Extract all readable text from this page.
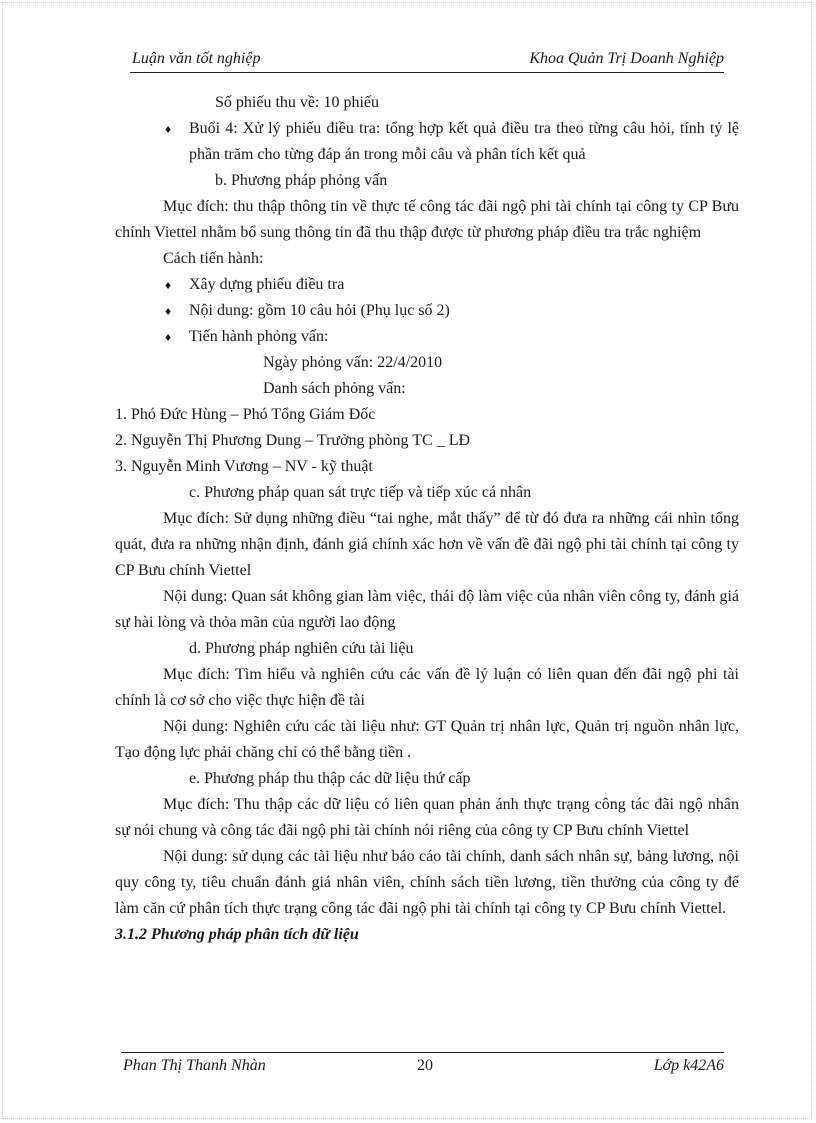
Luận văn tốt nghiệp	Khoa Quản Trị Doanh Nghiệp

Số phiếu thu về: 10 phiếu

♦ Buổi 4: Xử lý phiếu điều tra: tổng hợp kết quả điều tra theo từng câu hỏi, tính tỷ lệ phần trăm cho từng đáp án trong mỗi câu và phân tích kết quả

b. Phương pháp phỏng vấn

Mục đích: thu thập thông tin về thực tế công tác đãi ngộ phi tài chính tại công ty CP Bưu chính Viettel nhằm bổ sung thông tin đã thu thập được từ phương pháp điều tra trắc nghiệm

Cách tiến hành:

♦ Xây dựng phiếu điều tra

♦ Nội dung: gồm 10 câu hỏi (Phụ lục số 2)

♦ Tiến hành phỏng vấn:

Ngày phỏng vấn: 22/4/2010

Danh sách phỏng vấn:

1. Phó Đức Hùng – Phó Tổng Giám Đốc

2. Nguyễn Thị Phương Dung – Trưởng phòng TC _ LĐ

3. Nguyễn Minh Vương – NV - kỹ thuật

c. Phương pháp quan sát trực tiếp và tiếp xúc cá nhân

Mục đích: Sử dụng những điều “tai nghe, mắt thấy” để từ đó đưa ra những cái nhìn tổng quát, đưa ra những nhận định, đánh giá chính xác hơn về vấn đề đãi ngộ phi tài chính tại công ty CP Bưu chính Viettel

Nội dung: Quan sát không gian làm việc, thái độ làm việc của nhân viên công ty, đánh giá sự hài lòng và thỏa mãn của người lao động

d. Phương pháp nghiên cứu tài liệu

Mục đích: Tìm hiểu và nghiên cứu các vấn đề lý luận có liên quan đến đãi ngộ phi tài chính là cơ sở cho việc thực hiện đề tài

Nội dung: Nghiên cứu các tài liệu như: GT Quản trị nhân lực, Quản trị nguồn nhân lực, Tạo động lực phải chăng chỉ có thể bằng tiền .

e. Phương pháp thu thập các dữ liệu thứ cấp

Mục đích: Thu thập các dữ liệu có liên quan phản ánh thực trạng công tác đãi ngộ nhân sự nói chung và công tác đãi ngộ phi tài chính nói riêng của công ty CP Bưu chính Viettel

Nội dung: sử dụng các tài liệu như báo cáo tài chính, danh sách nhân sự, bảng lương, nội quy công ty, tiêu chuẩn đánh giá nhân viên, chính sách tiền lương, tiền thưởng của công ty để làm căn cứ phân tích thực trạng công tác đãi ngộ phi tài chính tại công ty CP Bưu chính Viettel.

3.1.2 Phương pháp phân tích dữ liệu

Phan Thị Thanh Nhàn	20	Lớp k42A6
